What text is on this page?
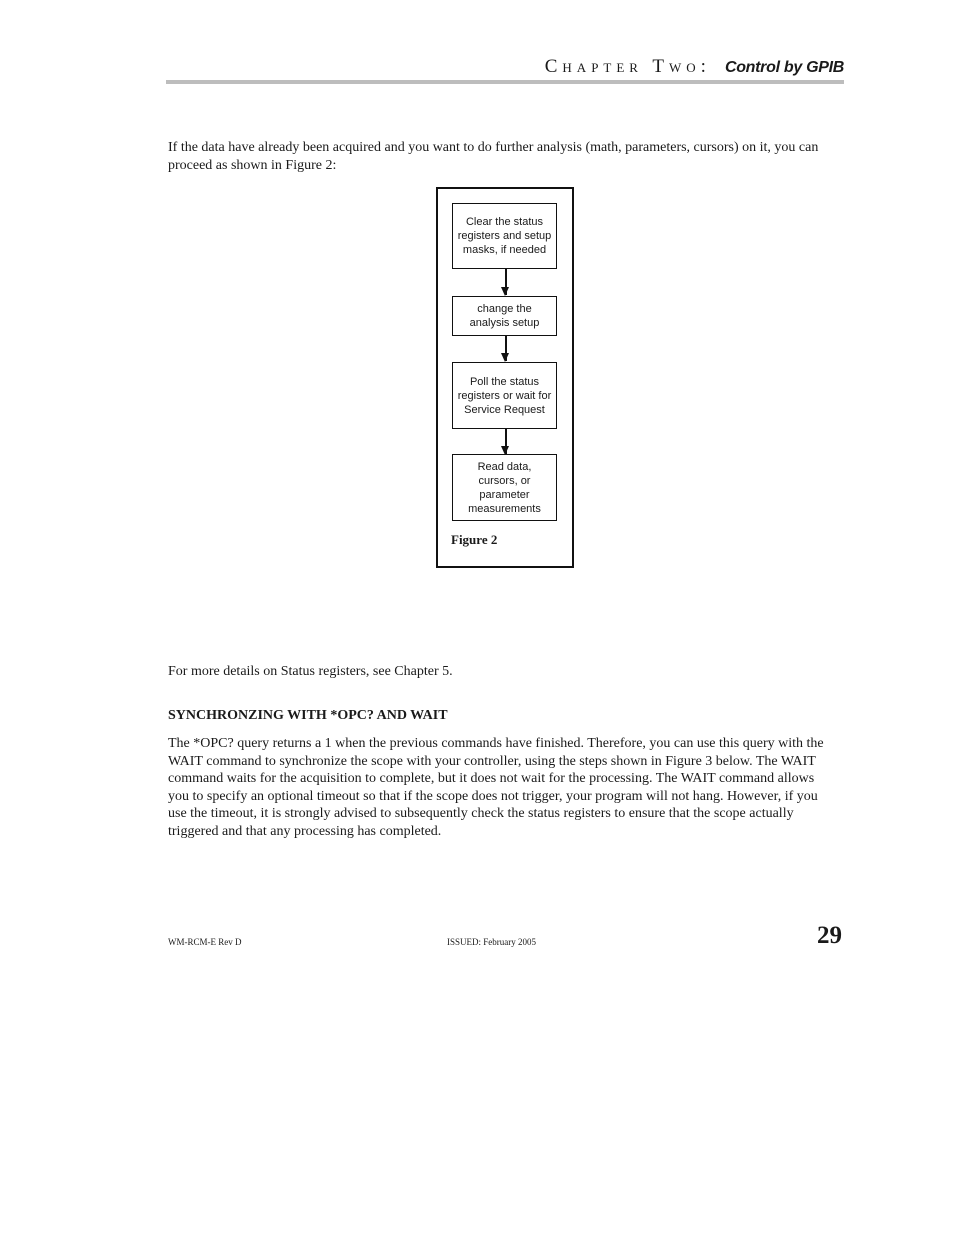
Chapter Two: Control by GPIB

If the data have already been acquired and you want to do further analysis (math, parameters, cursors) on it, you can proceed as shown in Figure 2:

Clear the status registers and setup masks, if needed
change the analysis setup
Poll the status registers or wait for Service Request
Read data, cursors, or parameter measurements
Figure 2

For more details on Status registers, see Chapter 5.

SYNCHRONZING WITH *OPC? AND WAIT

The *OPC? query returns a 1 when the previous commands have finished. Therefore, you can use this query with the WAIT command to synchronize the scope with your controller, using the steps shown in Figure 3 below. The WAIT command waits for the acquisition to complete, but it does not wait for the processing. The WAIT command allows you to specify an optional timeout so that if the scope does not trigger, your program will not hang. However, if you use the timeout, it is strongly advised to subsequently check the status registers to ensure that the scope actually triggered and that any processing has completed.

WM-RCM-E Rev D	ISSUED: February 2005	29
